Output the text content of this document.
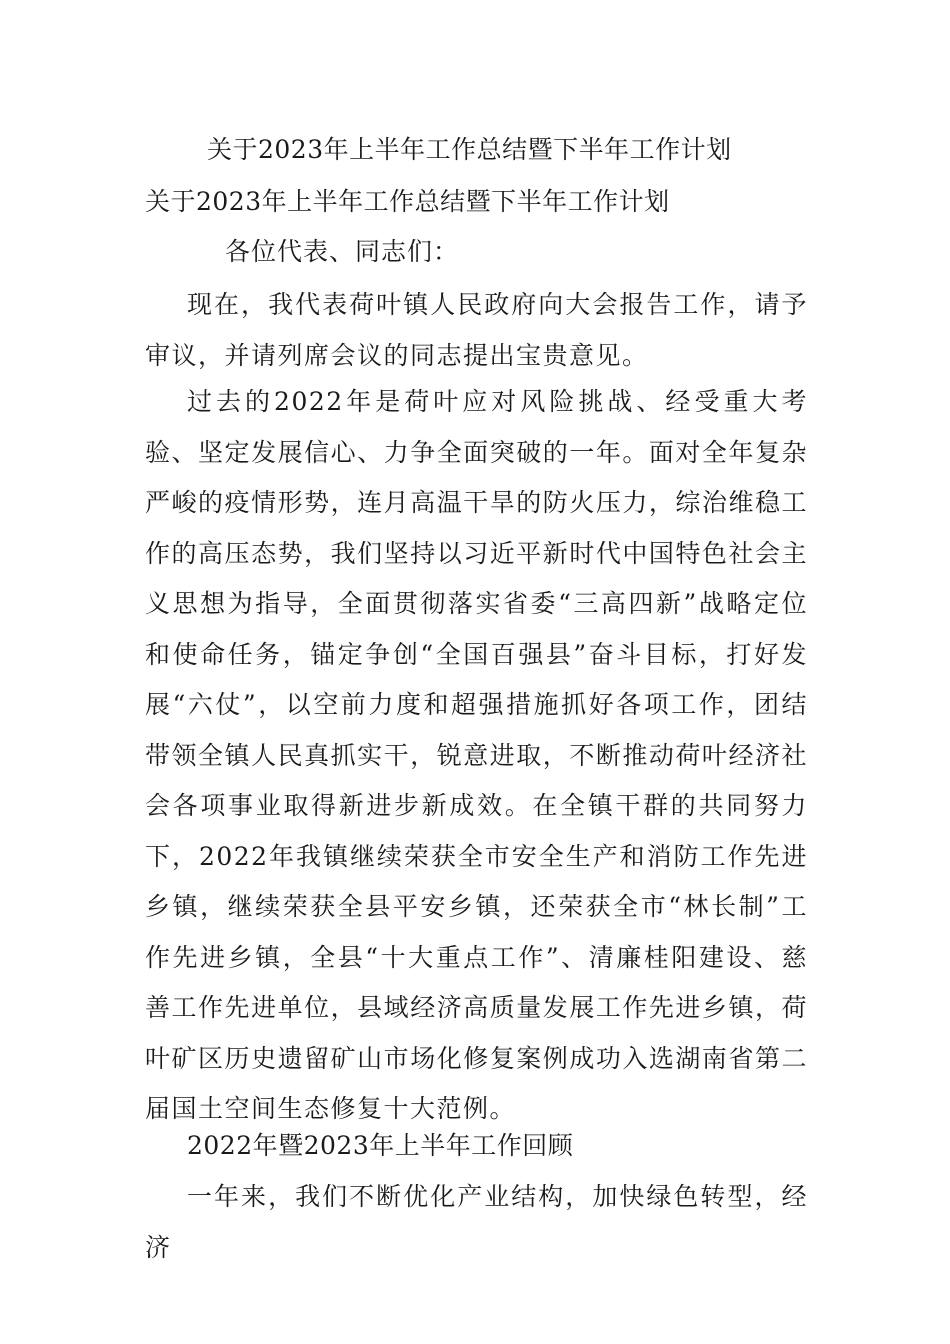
关于2023年上半年工作总结暨下半年工作计划
关于2023年上半年工作总结暨下半年工作计划
各位代表、同志们：

现在，我代表荷叶镇人民政府向大会报告工作，请予审议，并请列席会议的同志提出宝贵意见。

过去的2022年是荷叶应对风险挑战、经受重大考验、坚定发展信心、力争全面突破的一年。面对全年复杂严峻的疫情形势，连月高温干旱的防火压力，综治维稳工作的高压态势，我们坚持以习近平新时代中国特色社会主义思想为指导，全面贯彻落实省委“三高四新”战略定位和使命任务，锚定争创“全国百强县”奋斗目标，打好发展“六仗”，以空前力度和超强措施抓好各项工作，团结带领全镇人民真抓实干，锐意进取，不断推动荷叶经济社会各项事业取得新进步新成效。在全镇干群的共同努力下，2022年我镇继续荣获全市安全生产和消防工作先进乡镇，继续荣获全县平安乡镇，还荣获全市“林长制”工作先进乡镇，全县“十大重点工作”、清廉桂阳建设、慈善工作先进单位，县域经济高质量发展工作先进乡镇，荷叶矿区历史遗留矿山市场化修复案例成功入选湖南省第二届国土空间生态修复十大范例。

2022年暨2023年上半年工作回顾

一年来，我们不断优化产业结构，加快绿色转型，经济
